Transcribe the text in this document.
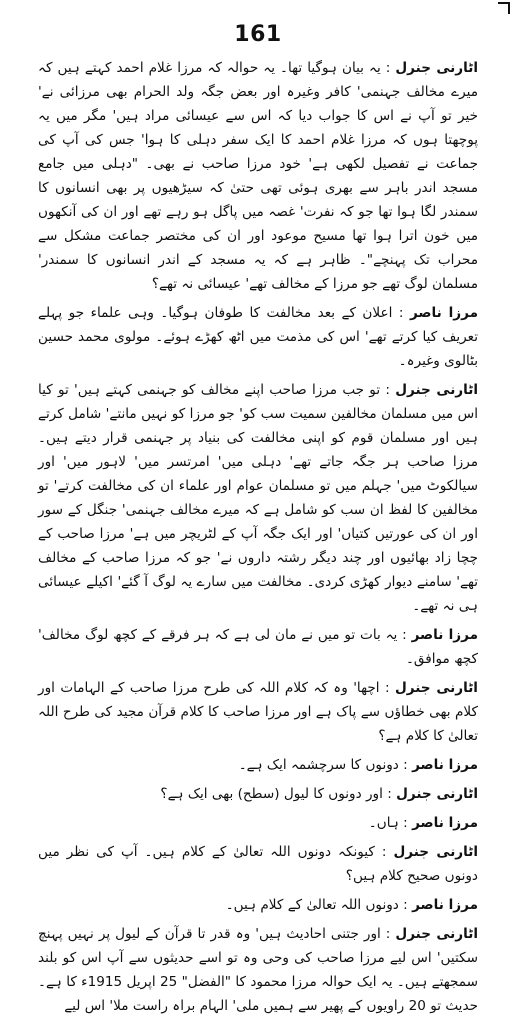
161

اٹارنی جنرل : یہ بیان ہوگیا تھا۔ یہ حوالہ کہ مرزا غلام احمد کہتے ہیں کہ میرے مخالف جہنمی' کافر وغیرہ اور بعض جگہ ولد الحرام بھی مرزائی نے' خیر تو آپ نے اس کا جواب دیا کہ اس سے عیسائی مراد ہیں' مگر میں یہ پوچھتا ہوں کہ مرزا غلام احمد کا ایک سفر دہلی کا ہوا' جس کی آپ کی جماعت نے تفصیل لکھی ہے' خود مرزا صاحب نے بھی۔ "دہلی میں جامع مسجد اندر باہر سے بھری ہوئی تھی حتیٰ کہ سیڑھیوں پر بھی انسانوں کا سمندر لگا ہوا تھا جو کہ نفرت' غصہ میں پاگل ہو رہے تھے اور ان کی آنکھوں میں خون اترا ہوا تھا مسیح موعود اور ان کی مختصر جماعت مشکل سے محراب تک پہنچے"۔ ظاہر ہے کہ یہ مسجد کے اندر انسانوں کا سمندر' مسلمان لوگ تھے جو مرزا کے مخالف تھے' عیسائی نہ تھے؟

مرزا ناصر : اعلان کے بعد مخالفت کا طوفان ہوگیا۔ وہی علماء جو پہلے تعریف کیا کرتے تھے' اس کی مذمت میں اٹھ کھڑے ہوئے۔ مولوی محمد حسین بٹالوی وغیرہ۔

اٹارنی جنرل : تو جب مرزا صاحب اپنے مخالف کو جہنمی کہتے ہیں' تو کیا اس میں مسلمان مخالفین سمیت سب کو' جو مرزا کو نہیں مانتے' شامل کرتے ہیں اور مسلمان قوم کو اپنی مخالفت کی بنیاد پر جہنمی قرار دیتے ہیں۔ مرزا صاحب ہر جگہ جاتے تھے' دہلی میں' امرتسر میں' لاہور میں' اور سیالکوٹ میں' جہلم میں تو مسلمان عوام اور علماء ان کی مخالفت کرتے' تو مخالفین کا لفظ ان سب کو شامل ہے کہ میرے مخالف جہنمی' جنگل کے سور اور ان کی عورتیں کتیاں' اور ایک جگہ آپ کے لٹریچر میں ہے' مرزا صاحب کے چچا زاد بھائیوں اور چند دیگر رشتہ داروں نے' جو کہ مرزا صاحب کے مخالف تھے' سامنے دیوار کھڑی کردی۔ مخالفت میں سارے یہ لوگ آ گئے' اکیلے عیسائی ہی نہ تھے۔

مرزا ناصر : یہ بات تو میں نے مان لی ہے کہ ہر فرقے کے کچھ لوگ مخالف' کچھ موافق۔

اٹارنی جنرل : اچھا' وہ کہ کلام اللہ کی طرح مرزا صاحب کے الہامات اور کلام بھی خطاؤں سے پاک ہے اور مرزا صاحب کا کلام قرآن مجید کی طرح اللہ تعالیٰ کا کلام ہے؟

مرزا ناصر : دونوں کا سرچشمہ ایک ہے۔

اٹارنی جنرل : اور دونوں کا لیول (سطح) بھی ایک ہے؟

مرزا ناصر : ہاں۔

اٹارنی جنرل : کیونکہ دونوں اللہ تعالیٰ کے کلام ہیں۔ آپ کی نظر میں دونوں صحیح کلام ہیں؟

مرزا ناصر : دونوں اللہ تعالیٰ کے کلام ہیں۔

اٹارنی جنرل : اور جتنی احادیث ہیں' وہ قدر تا قرآن کے لیول پر نہیں پہنچ سکتیں' اس لیے مرزا صاحب کی وحی وہ تو اسے حدیثوں سے آپ اس کو بلند سمجھتے ہیں۔ یہ ایک حوالہ مرزا محمود کا "الفضل" 25 اپریل 1915ء کا ہے۔ حدیث تو 20 راویوں کے پھیر سے ہمیں ملی' الہام براہ راست ملا' اس لیے
